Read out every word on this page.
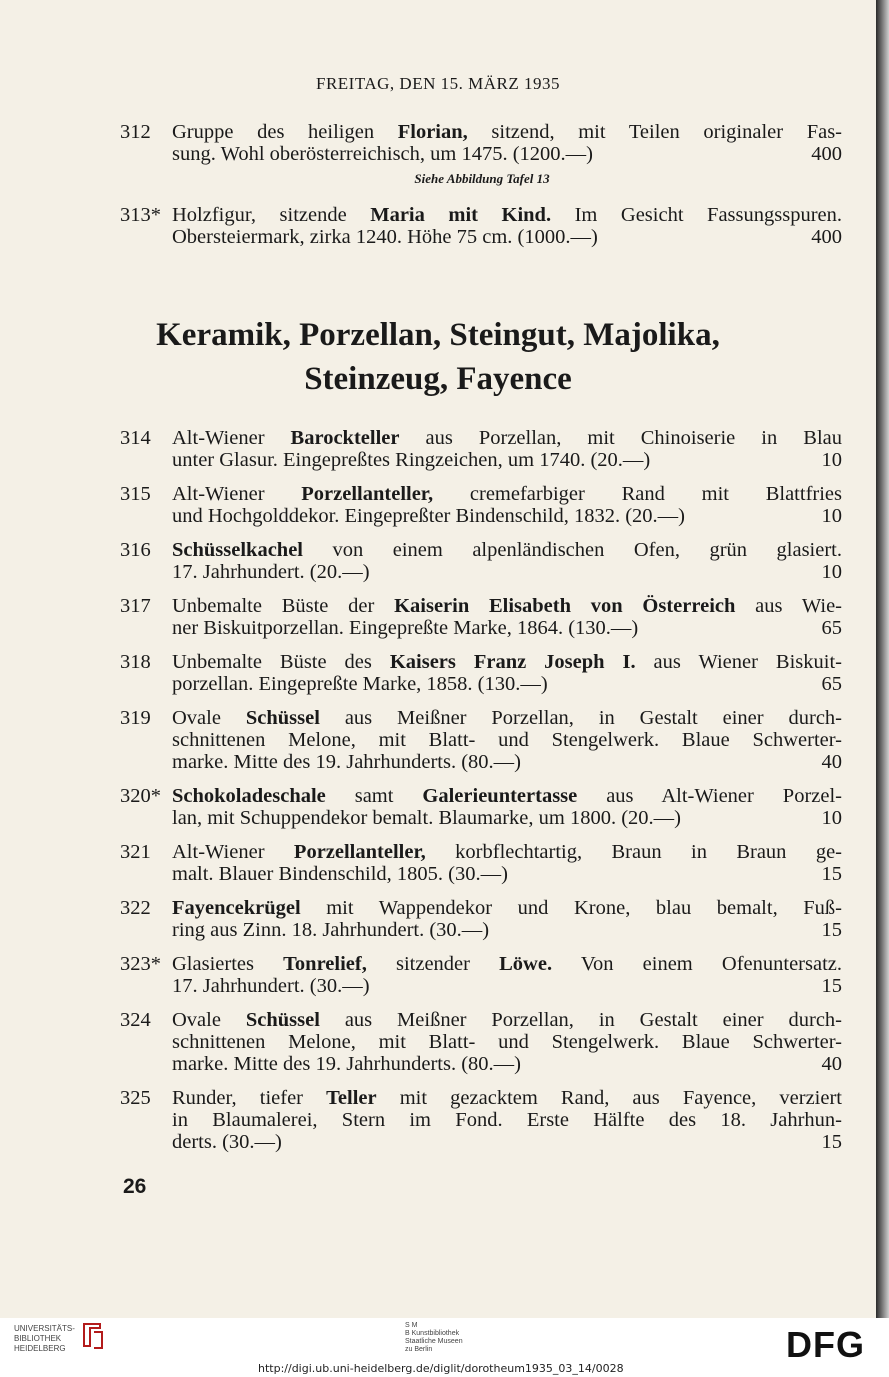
FREITAG, DEN 15. MÄRZ 1935
312	Gruppe des heiligen Florian, sitzend, mit Teilen originaler Fas-
sung. Wohl oberösterreichisch, um 1475. (1200.—)	400
Siehe Abbildung Tafel 13
313* Holzfigur, sitzende Maria mit Kind. Im Gesicht Fassungsspuren.
Obersteiermark, zirka 1240. Höhe 75 cm. (1000.—)	400
Keramik, Porzellan, Steingut, Majolika,
Steinzeug, Fayence
314	Alt-Wiener Barockteller aus Porzellan, mit Chinoiserie in Blau
unter Glasur. Eingepreßtes Ringzeichen, um 1740. (20.—)	10
315	Alt-Wiener Porzellanteller, cremefarbiger Rand mit Blattfries
und Hochgolddekor. Eingepreßter Bindenschild, 1832. (20.—)	10
316	Schüsselkachel von einem alpenländischen Ofen, grün glasiert.
17. Jahrhundert. (20.—)	10
317	Unbemalte Büste der Kaiserin Elisabeth von Österreich aus Wie-
ner Biskuitporzellan. Eingepreßte Marke, 1864. (130.—)	65
318	Unbemalte Büste des Kaisers Franz Joseph I. aus Wiener Biskuit-
porzellan. Eingepreßte Marke, 1858. (130.—)	65
319	Ovale Schüssel aus Meißner Porzellan, in Gestalt einer durch-
schnittenen Melone, mit Blatt- und Stengelwerk. Blaue Schwerter-
marke. Mitte des 19. Jahrhunderts. (80.—)	40
320* Schokoladeschale samt Galerieuntertasse aus Alt-Wiener Porzel-
lan, mit Schuppendekor bemalt. Blaumarke, um 1800. (20.—)	10
321	Alt-Wiener Porzellanteller, korbflechtartig, Braun in Braun ge-
malt. Blauer Bindenschild, 1805. (30.—)	15
322	Fayencekrügel mit Wappendekor und Krone, blau bemalt, Fuß-
ring aus Zinn. 18. Jahrhundert. (30.—)	15
323* Glasiertes Tonrelief, sitzender Löwe. Von einem Ofenuntersatz.
17. Jahrhundert. (30.—)	15
324	Ovale Schüssel aus Meißner Porzellan, in Gestalt einer durch-
schnittenen Melone, mit Blatt- und Stengelwerk. Blaue Schwerter-
marke. Mitte des 19. Jahrhunderts. (80.—)	40
325	Runder, tiefer Teller mit gezacktem Rand, aus Fayence, verziert
in Blaumalerei, Stern im Fond. Erste Hälfte des 18. Jahrhun-
derts. (30.—)	15
26
UNIVERSITÄTS-
BIBLIOTHEK
HEIDELBERG
S M
B Kunstbibliothek
Staatliche Museen
zu Berlin	DFG
http://digi.ub.uni-heidelberg.de/diglit/dorotheum1935_03_14/0028
